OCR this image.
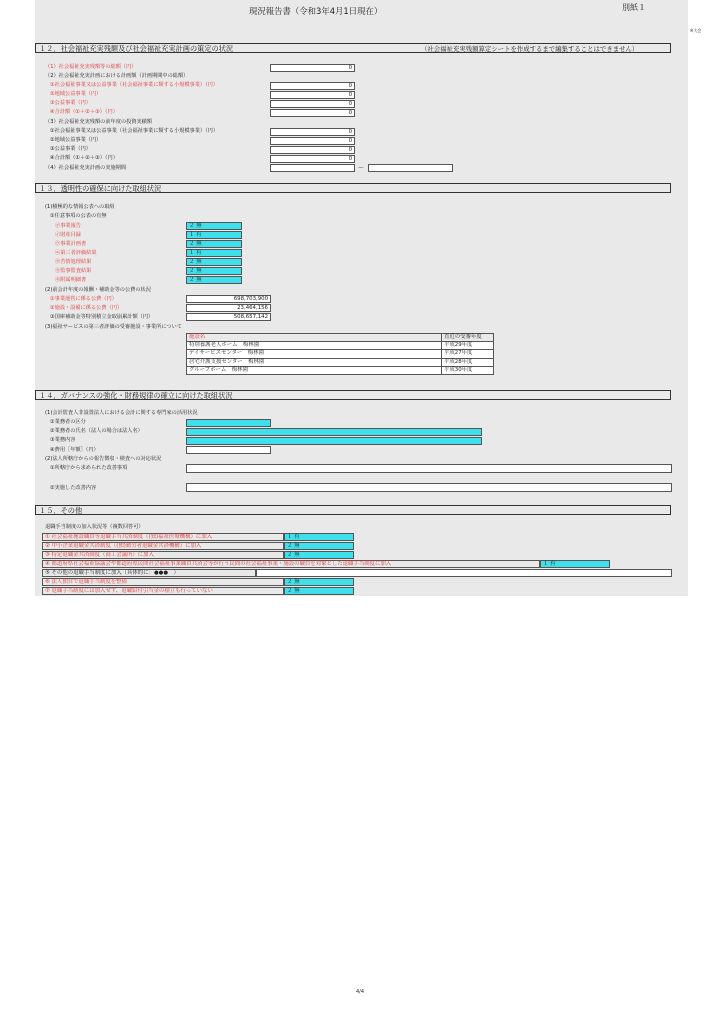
現況報告書（令和3年4月1日現在）	別紙１
※大会
１２．社会福祉充実残額及び社会福祉充実計画の策定の状況	（社会福祉充実残額算定シートを作成するまで編集することはできません）
（1）社会福祉充実残額等の総額（円）	0
（2）社会福祉充実計画における計画額（計画期間中の総額）
①社会福祉事業又は公益事業（社会福祉事業に類する小規模事業）（円）	0
②地域公益事業（円）	0
③公益事業（円）	0
④合計額（①＋②＋③）（円）	0
（3）社会福祉充実残額の前年度の投資実績額
①社会福祉事業又は公益事業（社会福祉事業に類する小規模事業）（円）	0
②地域公益事業（円）	0
③公益事業（円）	0
④合計額（①＋②＋③）（円）	0
（4）社会福祉充実計画の実施期間	～
１３．透明性の確保に向けた取組状況
(1)積極的な情報公表への取組
①任意事項の公表の有無
㋐事業報告	２ 無
㋑財産目録	１ 有
㋒事業計画書	２ 無
㋓第三者評価結果	１ 有
㋔苦情処理結果	２ 無
㋕監事監査結果	２ 無
㋖附属明細書	２ 無
(2)前会計年度の報酬・補助金等の公費の状況
①事業運営に係る公費（円）	698,703,900
②施設・設備に係る公費（円）	23,464,156
③国庫補助金等特別積立金取崩累計額（円）	508,657,142
(3)福祉サービスの第三者評価の受審施設・事業所について
施設名	直近の受審年度
特別養護老人ホーム　梅林園	平成29年度
デイサービスセンター　梅林園	平成27年度
居宅介護支援センター　梅林園	平成28年度
グループホーム　梅林園	平成30年度
１４．ガバナンスの強化・財務規律の確立に向けた取組状況
(1)会計監査人非設置法人における会計に関する専門家の活用状況
①業務者の区分
②業務者の氏名（法人の場合は法人名）
③業務内容
④費用［年額］（円）
(2)法人所轄庁からの報告徴収・検査への対応状況
①所轄庁から求められた改善事項
②実施した改善内容
１５．その他
退職手当制度の加入状況等（複数回答可）
① 社会福祉施設職員等退職手当共済制度（(独)福祉医療機構）に加入	１ 有
② 中小企業退職金共済制度（(独)勤労者退職金共済機構）に加入	２ 無
③ 特定退職金共済制度（商工会議所）に加入	２ 無
④ 都道府県社会福祉協議会や都道府県民間社会福祉事業職員共済会等が行う民間の社会福祉事業・施設の職員を対象とした退職手当制度に加入	１ 有
⑤ その他の退職手当制度に加入（具体的に：●●●　）
⑥ 法人独自で退職手当制度を整備	２ 無
⑦ 退職手当制度には加入せず、退職給付引当金の積立も行っていない	２ 無
4/4
